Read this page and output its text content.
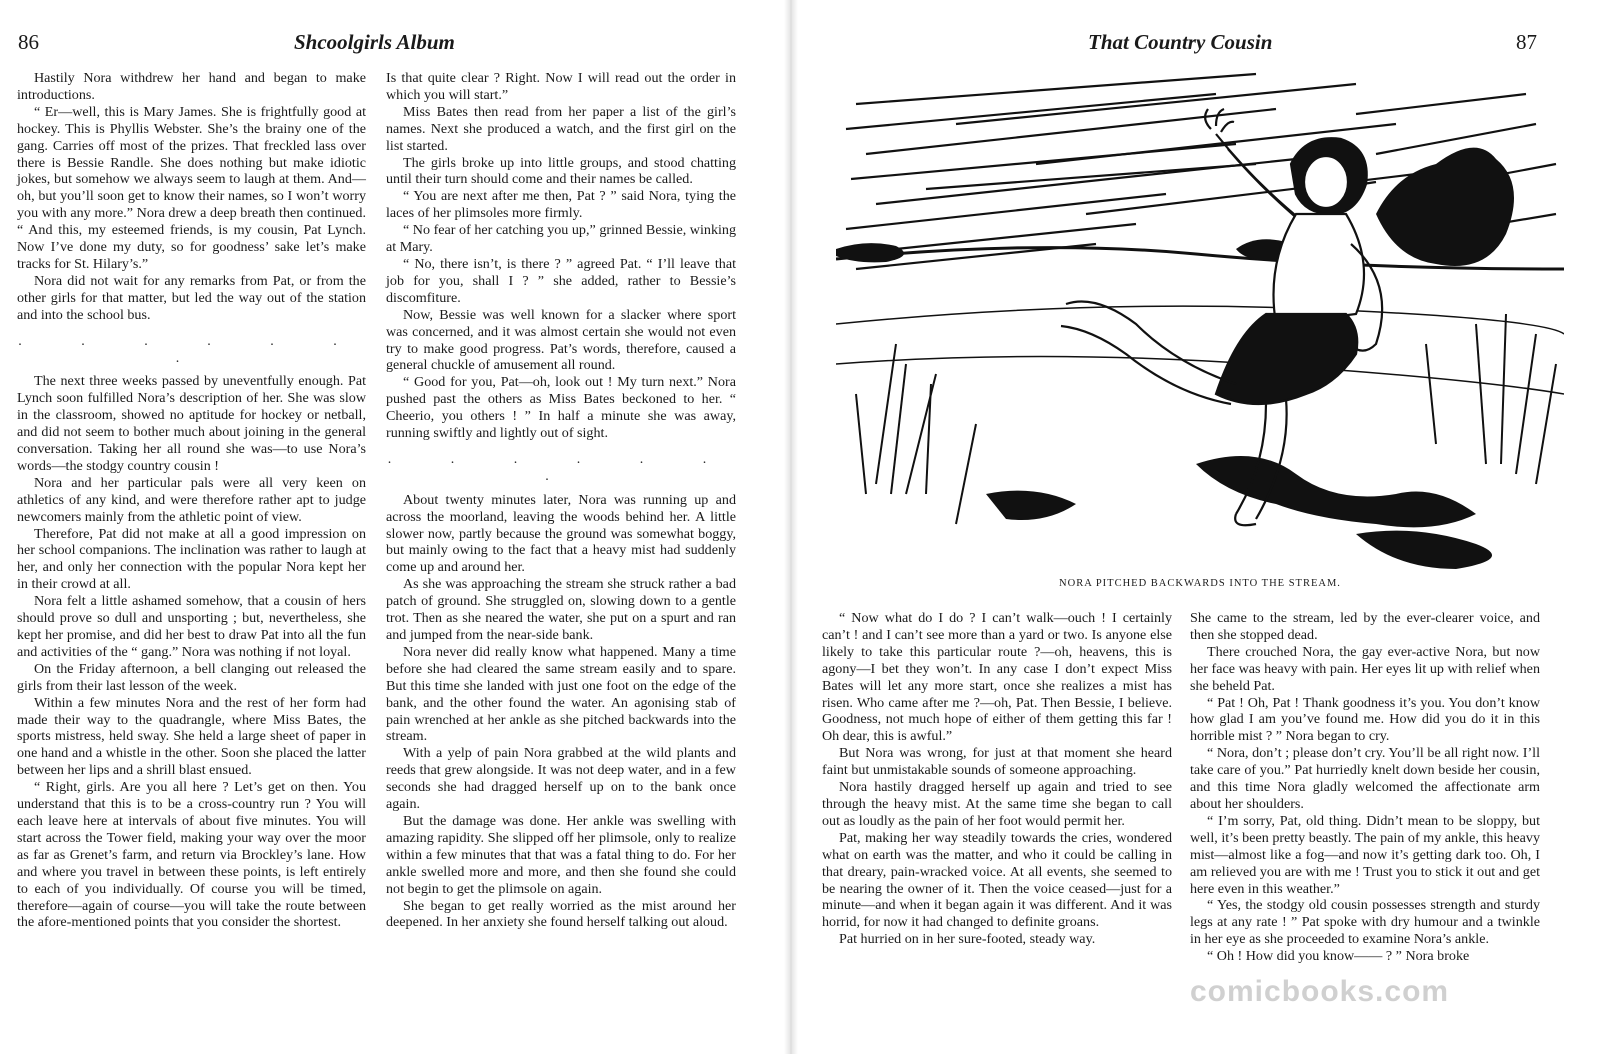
86	Shcoolgirls Album

Hastily Nora withdrew her hand and began to make introductions.

“ Er—well, this is Mary James. She is frightfully good at hockey. This is Phyllis Webster. She’s the brainy one of the gang. Carries off most of the prizes. That freckled lass over there is Bessie Randle. She does nothing but make idiotic jokes, but somehow we always seem to laugh at them. And—oh, but you’ll soon get to know their names, so I won’t worry you with any more.” Nora drew a deep breath then continued. “ And this, my esteemed friends, is my cousin, Pat Lynch. Now I’ve done my duty, so for goodness’ sake let’s make tracks for St. Hilary’s.”

Nora did not wait for any remarks from Pat, or from the other girls for that matter, but led the way out of the station and into the school bus.

. . . . . . .

The next three weeks passed by uneventfully enough. Pat Lynch soon fulfilled Nora’s description of her. She was slow in the classroom, showed no aptitude for hockey or netball, and did not seem to bother much about joining in the general conversation. Taking her all round she was—to use Nora’s words—the stodgy country cousin !

Nora and her particular pals were all very keen on athletics of any kind, and were therefore rather apt to judge newcomers mainly from the athletic point of view.

Therefore, Pat did not make at all a good impression on her school companions. The inclination was rather to laugh at her, and only her connection with the popular Nora kept her in their crowd at all.

Nora felt a little ashamed somehow, that a cousin of hers should prove so dull and unsporting ; but, nevertheless, she kept her promise, and did her best to draw Pat into all the fun and activities of the “ gang.” Nora was nothing if not loyal.

On the Friday afternoon, a bell clanging out released the girls from their last lesson of the week.

Within a few minutes Nora and the rest of her form had made their way to the quadrangle, where Miss Bates, the sports mistress, held sway. She held a large sheet of paper in one hand and a whistle in the other. Soon she placed the latter between her lips and a shrill blast ensued.

“ Right, girls. Are you all here ? Let’s get on then. You understand that this is to be a cross-country run ? You will each leave here at intervals of about five minutes. You will start across the Tower field, making your way over the moor as far as Grenet’s farm, and return via Brockley’s lane. How and where you travel in between these points, is left entirely to each of you individually. Of course you will be timed, therefore—again of course—you will take the route between the afore-mentioned points that you consider the shortest.

Is that quite clear ? Right. Now I will read out the order in which you will start.”

Miss Bates then read from her paper a list of the girl’s names. Next she produced a watch, and the first girl on the list started.

The girls broke up into little groups, and stood chatting until their turn should come and their names be called.

“ You are next after me then, Pat ? ” said Nora, tying the laces of her plimsoles more firmly.

“ No fear of her catching you up,” grinned Bessie, winking at Mary.

“ No, there isn’t, is there ? ” agreed Pat. “ I’ll leave that job for you, shall I ? ” she added, rather to Bessie’s discomfiture.

Now, Bessie was well known for a slacker where sport was concerned, and it was almost certain she would not even try to make good progress. Pat’s words, therefore, caused a general chuckle of amusement all round.

“ Good for you, Pat—oh, look out ! My turn next.” Nora pushed past the others as Miss Bates beckoned to her. “ Cheerio, you others ! ” In half a minute she was away, running swiftly and lightly out of sight.

. . . . . . .

About twenty minutes later, Nora was running up and across the moorland, leaving the woods behind her. A little slower now, partly because the ground was somewhat boggy, but mainly owing to the fact that a heavy mist had suddenly come up and around her.

As she was approaching the stream she struck rather a bad patch of ground. She struggled on, slowing down to a gentle trot. Then as she neared the water, she put on a spurt and ran and jumped from the near-side bank.

Nora never did really know what happened. Many a time before she had cleared the same stream easily and to spare. But this time she landed with just one foot on the edge of the bank, and the other found the water. An agonising stab of pain wrenched at her ankle as she pitched backwards into the stream.

With a yelp of pain Nora grabbed at the wild plants and reeds that grew alongside. It was not deep water, and in a few seconds she had dragged herself up on to the bank once again.

But the damage was done. Her ankle was swelling with amazing rapidity. She slipped off her plimsole, only to realize within a few minutes that that was a fatal thing to do. For her ankle swelled more and more, and then she found she could not begin to get the plimsole on again.

She began to get really worried as the mist around her deepened. In her anxiety she found herself talking out aloud.

That Country Cousin	87
NORA PITCHED BACKWARDS INTO THE STREAM.

“ Now what do I do ? I can’t walk—ouch ! I certainly can’t ! and I can’t see more than a yard or two. Is anyone else likely to take this particular route ?—oh, heavens, this is agony—I bet they won’t. In any case I don’t expect Miss Bates will let any more start, once she realizes a mist has risen. Who came after me ?—oh, Pat. Then Bessie, I believe. Goodness, not much hope of either of them getting this far ! Oh dear, this is awful.”

But Nora was wrong, for just at that moment she heard faint but unmistakable sounds of someone approaching.

Nora hastily dragged herself up again and tried to see through the heavy mist. At the same time she began to call out as loudly as the pain of her foot would permit her.

Pat, making her way steadily towards the cries, wondered what on earth was the matter, and who it could be calling in that dreary, pain-wracked voice. At all events, she seemed to be nearing the owner of it. Then the voice ceased—just for a minute—and when it began again it was different. And it was horrid, for now it had changed to definite groans.

Pat hurried on in her sure-footed, steady way.

She came to the stream, led by the ever-clearer voice, and then she stopped dead.

There crouched Nora, the gay ever-active Nora, but now her face was heavy with pain. Her eyes lit up with relief when she beheld Pat.

“ Pat ! Oh, Pat ! Thank goodness it’s you. You don’t know how glad I am you’ve found me. How did you do it in this horrible mist ? ” Nora began to cry.

“ Nora, don’t ; please don’t cry. You’ll be all right now. I’ll take care of you.” Pat hurriedly knelt down beside her cousin, and this time Nora gladly welcomed the affectionate arm about her shoulders.

“ I’m sorry, Pat, old thing. Didn’t mean to be sloppy, but well, it’s been pretty beastly. The pain of my ankle, this heavy mist—almost like a fog—and now it’s getting dark too. Oh, I am relieved you are with me ! Trust you to stick it out and get here even in this weather.”

“ Yes, the stodgy old cousin possesses strength and sturdy legs at any rate ! ” Pat spoke with dry humour and a twinkle in her eye as she proceeded to examine Nora’s ankle.

“ Oh ! How did you know—— ? ” Nora broke

comicbooks.com
